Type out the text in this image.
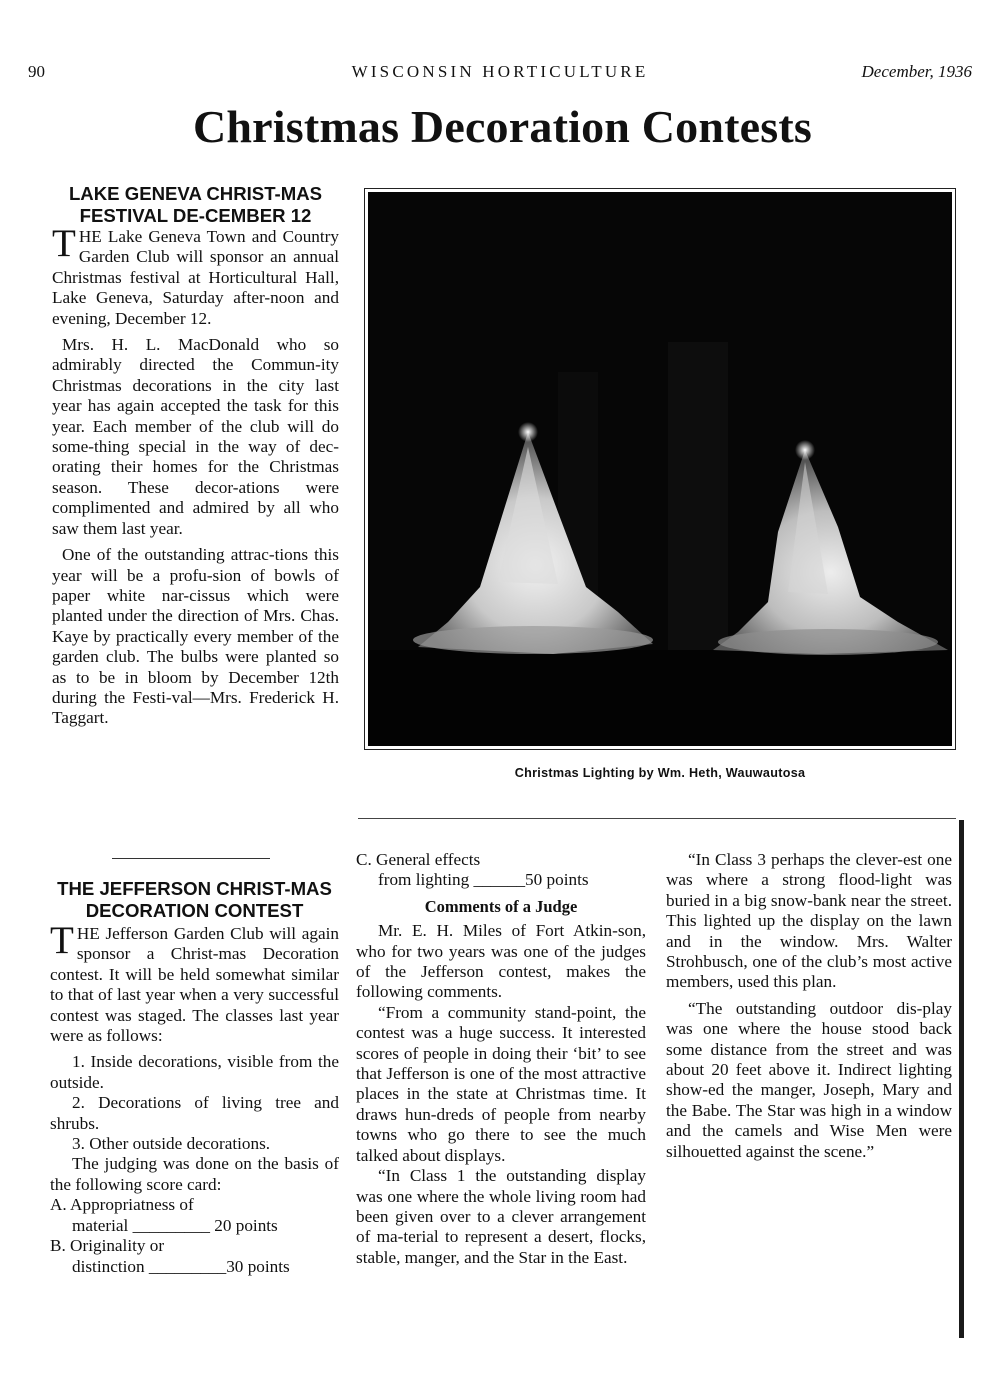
90	WISCONSIN HORTICULTURE	December, 1936
Christmas Decoration Contests
LAKE GENEVA CHRIST-MAS FESTIVAL DE-CEMBER 12

THE Lake Geneva Town and Country Garden Club will sponsor an annual Christmas festival at Horticultural Hall, Lake Geneva, Saturday after-noon and evening, December 12.

Mrs. H. L. MacDonald who so admirably directed the Commun-ity Christmas decorations in the city last year has again accepted the task for this year. Each member of the club will do some-thing special in the way of dec-orating their homes for the Christmas season. These decor-ations were complimented and admired by all who saw them last year.

One of the outstanding attrac-tions this year will be a profu-sion of bowls of paper white nar-cissus which were planted under the direction of Mrs. Chas. Kaye by practically every member of the garden club. The bulbs were planted so as to be in bloom by December 12th during the Festi-val—Mrs. Frederick H. Taggart.

THE JEFFERSON CHRIST-MAS DECORATION CONTEST

THE Jefferson Garden Club will again sponsor a Christ-mas Decoration contest. It will be held somewhat similar to that of last year when a very successful contest was staged. The classes last year were as follows:

1. Inside decorations, visible from the outside.

2. Decorations of living tree and shrubs.

3. Other outside decorations.

The judging was done on the basis of the following score card:

A. Appropriatness of
material _________ 20 points
B. Originality or
distinction _________30 points
Christmas Lighting by Wm. Heth, Wauwautosa
C. General effects
from lighting ______50 points
Comments of a Judge

Mr. E. H. Miles of Fort Atkin-son, who for two years was one of the judges of the Jefferson contest, makes the following comments.

“From a community stand-point, the contest was a huge success. It interested scores of people in doing their ‘bit’ to see that Jefferson is one of the most attractive places in the state at Christmas time. It draws hun-dreds of people from nearby towns who go there to see the much talked about displays.

“In Class 1 the outstanding display was one where the whole living room had been given over to a clever arrangement of ma-terial to represent a desert, flocks, stable, manger, and the Star in the East.

“In Class 3 perhaps the clever-est one was where a strong flood-light was buried in a big snow-bank near the street. This lighted up the display on the lawn and in the window. Mrs. Walter Strohbusch, one of the club’s most active members, used this plan.

“The outstanding outdoor dis-play was one where the house stood back some distance from the street and was about 20 feet above it. Indirect lighting show-ed the manger, Joseph, Mary and the Babe. The Star was high in a window and the camels and Wise Men were silhouetted against the scene.”
